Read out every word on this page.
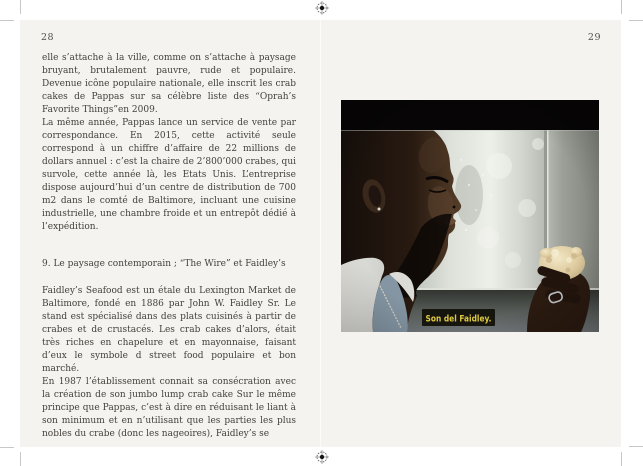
28

elle s’attache à la ville, comme on s’attache à paysage bruyant, brutalement pauvre, rude et populaire. Devenue icône populaire nationale, elle inscrit les crab cakes de Pappas sur sa célèbre liste des “Oprah’s Favorite Things”en 2009.

La même année, Pappas lance un service de vente par correspondance. En 2015, cette activité seule correspond à un chiffre d’affaire de 22 millions de dollars annuel : c’est la chaire de 2’800’000 crabes, qui survole, cette année là, les Etats Unis. L’entreprise dispose aujourd’hui d’un centre de distribution de 700 m2 dans le comté de Baltimore, incluant une cuisine industrielle, une chambre froide et un entrepôt dédié à l’expédition.

9. Le paysage contemporain ; “The Wire” et Faidley’s

Faidley’s Seafood est un étale du Lexington Market de Baltimore, fondé en 1886 par John W. Faidley Sr. Le stand est spécialisé dans des plats cuisinés à partir de crabes et de crustacés. Les crab cakes d’alors, était très riches en chapelure et en mayonnaise, faisant d’eux le symbole d street food populaire et bon marché.

En 1987 l’établissement connait sa consécration avec la création de son jumbo lump crab cake Sur le même principe que Pappas, c’est à dire en réduisant le liant à son minimum et en n’utilisant que les parties les plus nobles du crabe (donc les nageoires), Faidley’s se

29
Son del Faidley.
